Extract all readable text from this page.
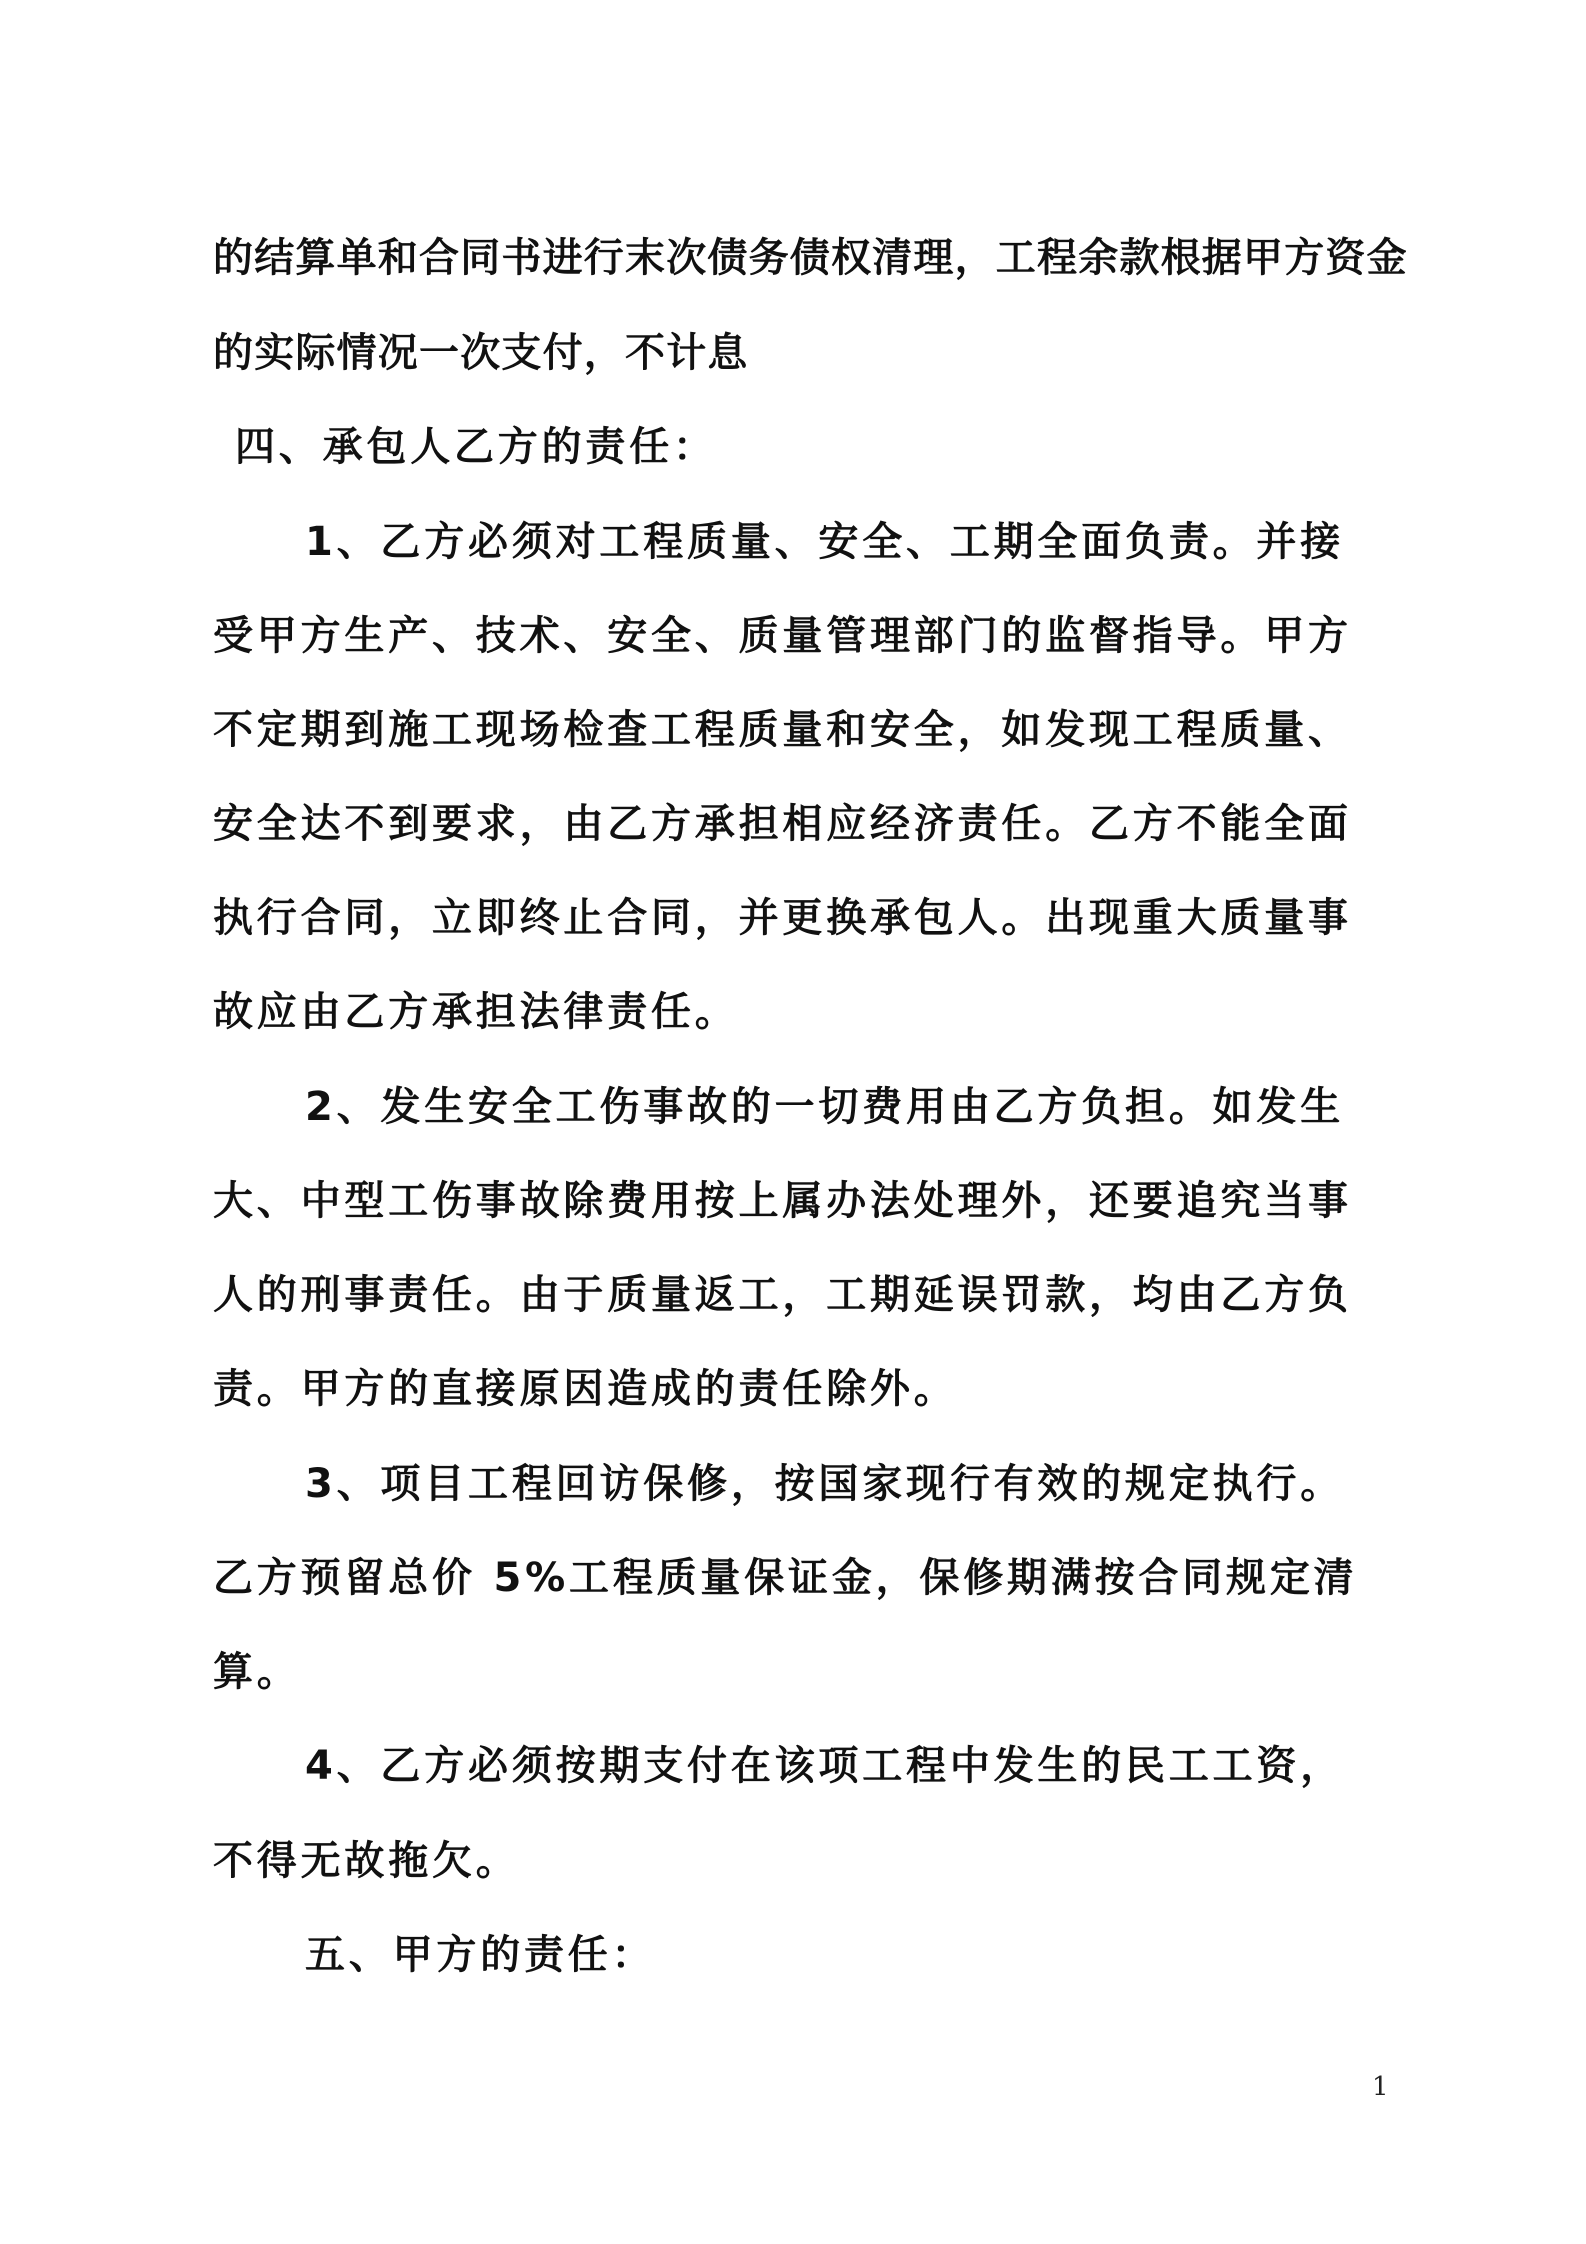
的结算单和合同书进行末次债务债权清理，工程余款根据甲方资金
的实际情况一次支付，不计息
四、承包人乙方的责任：
1、乙方必须对工程质量、安全、工期全面负责。并接
受甲方生产、技术、安全、质量管理部门的监督指导。甲方
不定期到施工现场检查工程质量和安全，如发现工程质量、
安全达不到要求，由乙方承担相应经济责任。乙方不能全面
执行合同，立即终止合同，并更换承包人。出现重大质量事
故应由乙方承担法律责任。
2、发生安全工伤事故的一切费用由乙方负担。如发生
大、中型工伤事故除费用按上属办法处理外，还要追究当事
人的刑事责任。由于质量返工，工期延误罚款，均由乙方负
责。甲方的直接原因造成的责任除外。
3、项目工程回访保修，按国家现行有效的规定执行。
乙方预留总价 5%工程质量保证金，保修期满按合同规定清
算。
4、乙方必须按期支付在该项工程中发生的民工工资，
不得无故拖欠。
五、甲方的责任：
1
